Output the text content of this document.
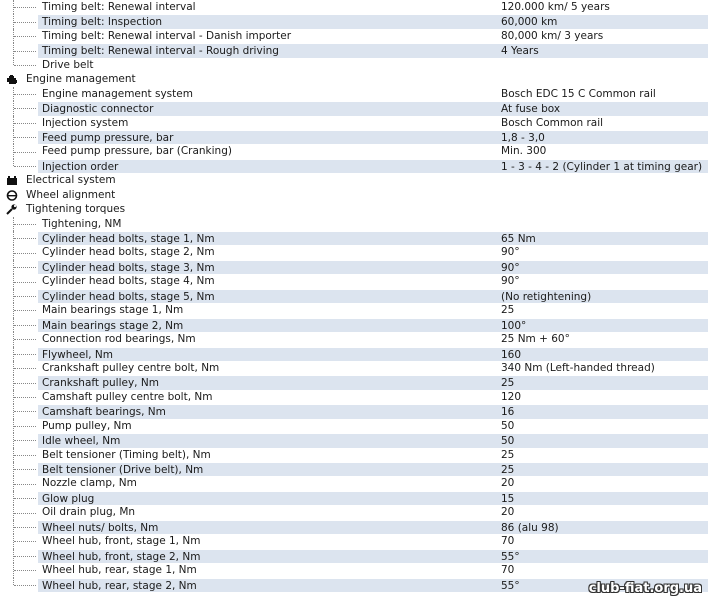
Timing belt: Renewal interval	120.000 km/ 5 years
Timing belt: Inspection	60,000 km
Timing belt: Renewal interval - Danish importer	80,000 km/ 3 years
Timing belt: Renewal interval - Rough driving	4 Years
Drive belt
Engine management
Engine management system	Bosch EDC 15 C Common rail
Diagnostic connector	At fuse box
Injection system	Bosch Common rail
Feed pump pressure, bar	1,8 - 3,0
Feed pump pressure, bar (Cranking)	Min. 300
Injection order	1 - 3 - 4 - 2 (Cylinder 1 at timing gear)
Electrical system
Wheel alignment
Tightening torques
Tightening, NM
Cylinder head bolts, stage 1, Nm	65 Nm
Cylinder head bolts, stage 2, Nm	90°
Cylinder head bolts, stage 3, Nm	90°
Cylinder head bolts, stage 4, Nm	90°
Cylinder head bolts, stage 5, Nm	(No retightening)
Main bearings stage 1, Nm	25
Main bearings stage 2, Nm	100°
Connection rod bearings, Nm	25 Nm + 60°
Flywheel, Nm	160
Crankshaft pulley centre bolt, Nm	340 Nm (Left-handed thread)
Crankshaft pulley, Nm	25
Camshaft pulley centre bolt, Nm	120
Camshaft bearings, Nm	16
Pump pulley, Nm	50
Idle wheel, Nm	50
Belt tensioner (Timing belt), Nm	25
Belt tensioner (Drive belt), Nm	25
Nozzle clamp, Nm	20
Glow plug	15
Oil drain plug, Mn	20
Wheel nuts/ bolts, Nm	86 (alu 98)
Wheel hub, front, stage 1, Nm	70
Wheel hub, front, stage 2, Nm	55°
Wheel hub, rear, stage 1, Nm	70
Wheel hub, rear, stage 2, Nm	55°	club-fiat.org.ua
